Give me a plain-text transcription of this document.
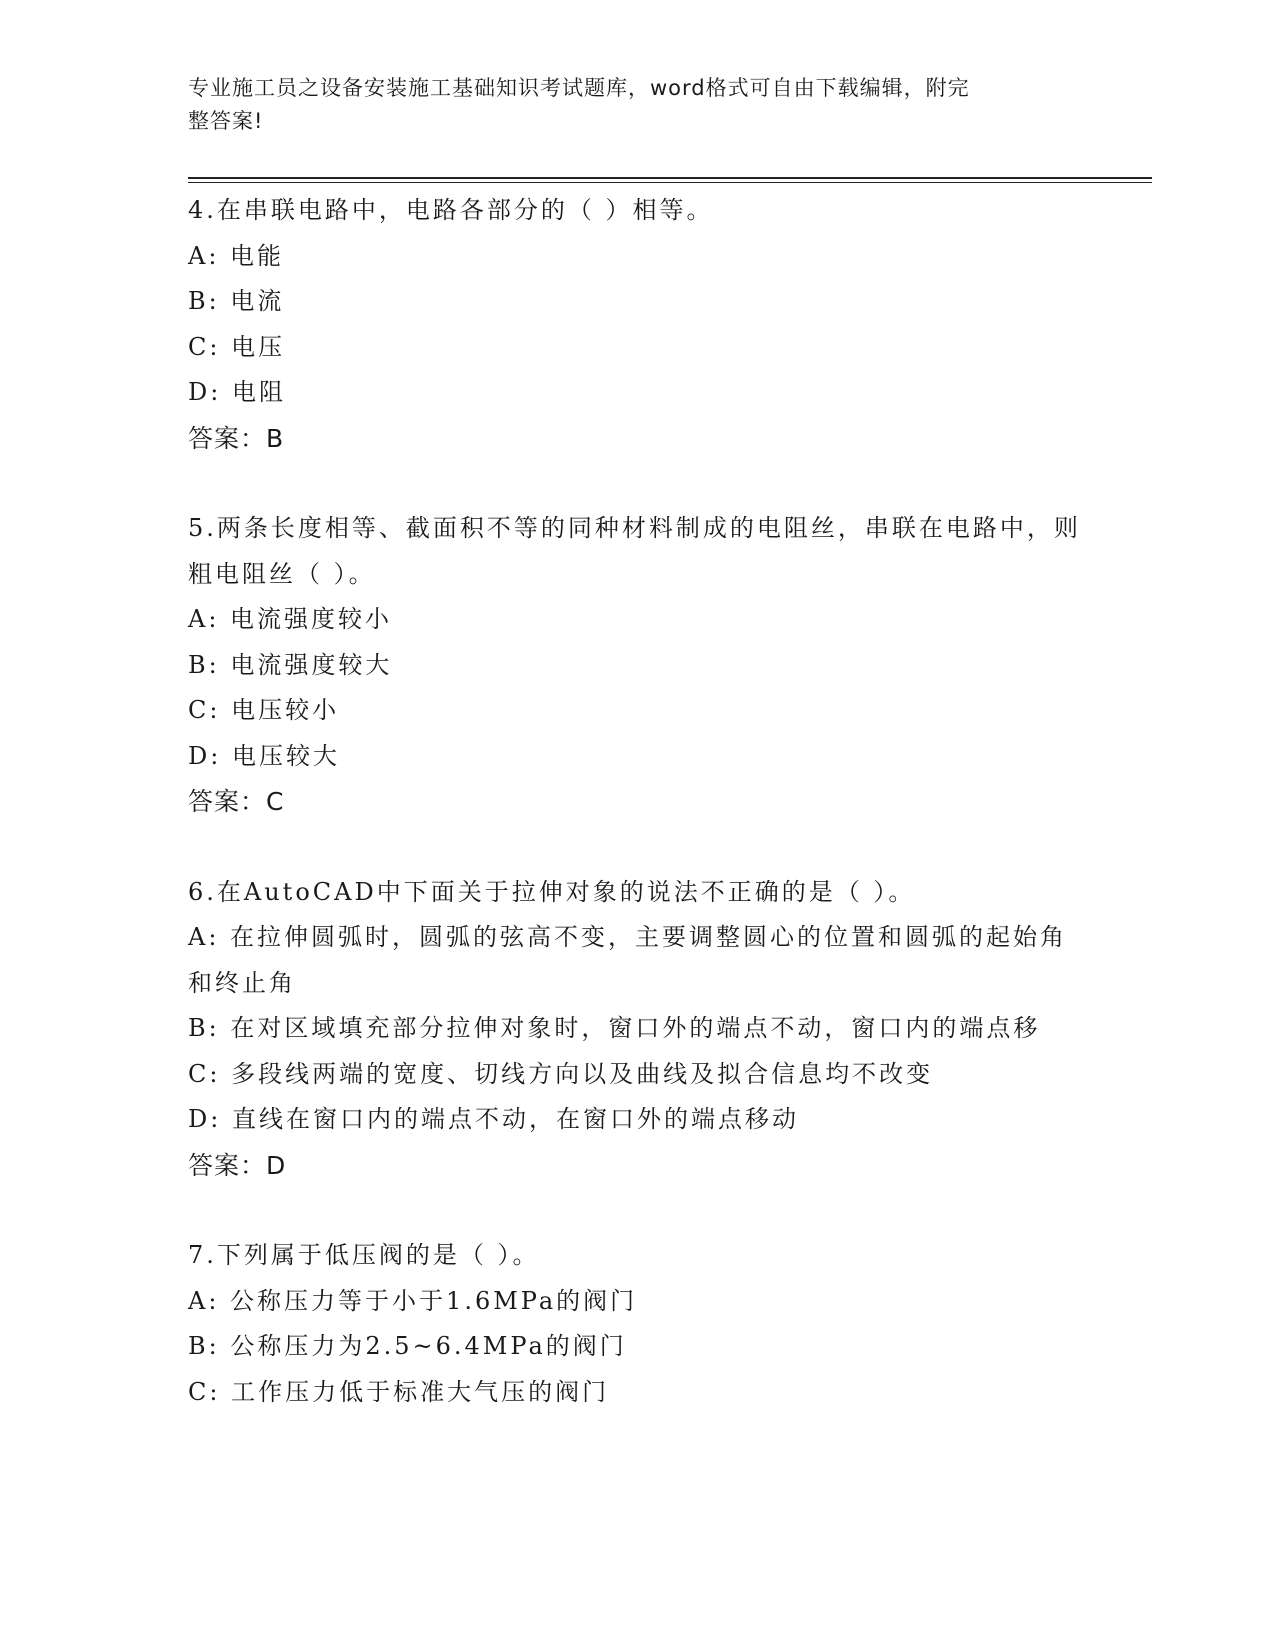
专业施工员之设备安装施工基础知识考试题库，word格式可自由下载编辑，附完
整答案!
4.在串联电路中，电路各部分的（ ）相等。
A: 电能
B: 电流
C: 电压
D: 电阻
答案：B
5.两条长度相等、截面积不等的同种材料制成的电阻丝，串联在电路中，则粗电阻丝（ ）。
A: 电流强度较小
B: 电流强度较大
C: 电压较小
D: 电压较大
答案：C
6.在AutoCAD中下面关于拉伸对象的说法不正确的是（ ）。
A: 在拉伸圆弧时，圆弧的弦高不变，主要调整圆心的位置和圆弧的起始角和终止角
B: 在对区域填充部分拉伸对象时，窗口外的端点不动，窗口内的端点移
C: 多段线两端的宽度、切线方向以及曲线及拟合信息均不改变
D: 直线在窗口内的端点不动，在窗口外的端点移动
答案：D
7.下列属于低压阀的是（ ）。
A: 公称压力等于小于1.6MPa的阀门
B: 公称压力为2.5~6.4MPa的阀门
C: 工作压力低于标准大气压的阀门
